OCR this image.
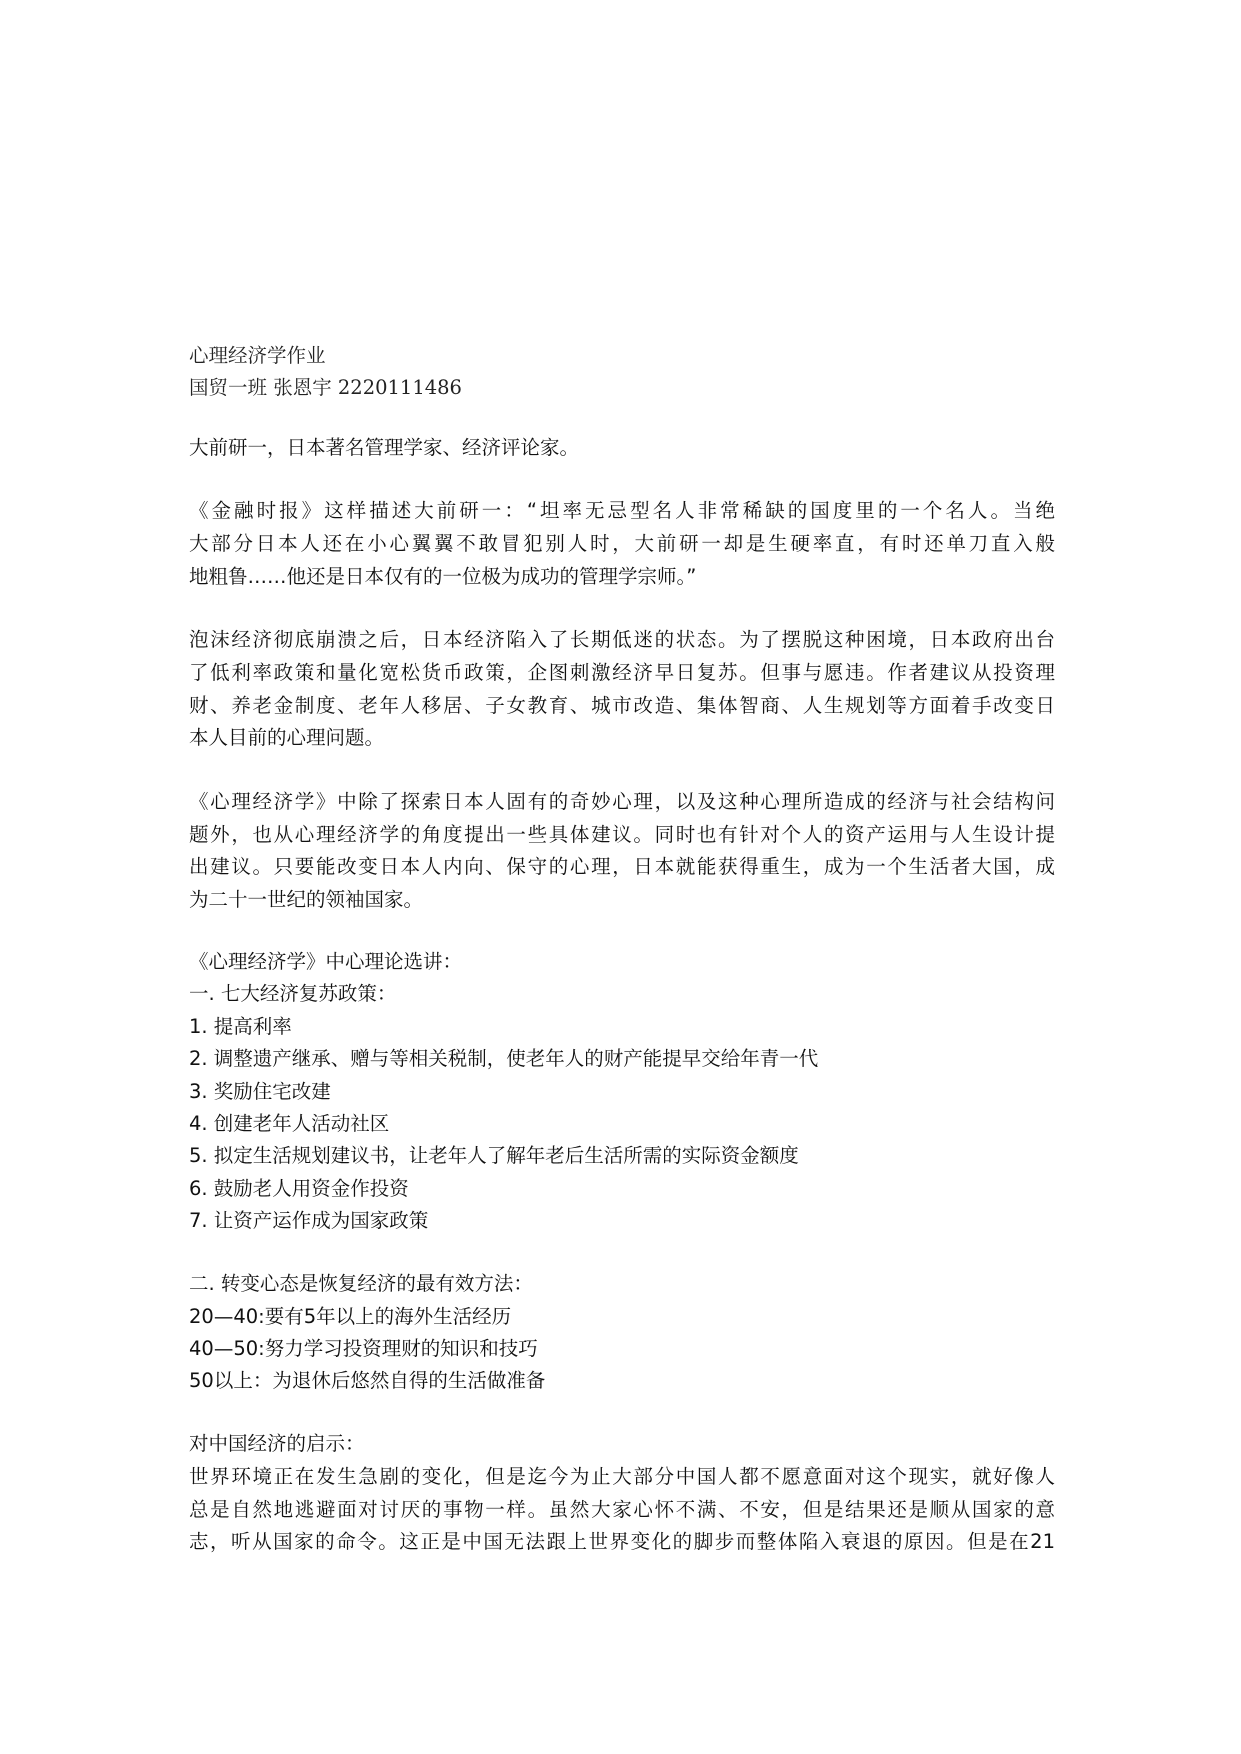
心理经济学作业
国贸一班 张恩宇 2220111486
大前研一，日本著名管理学家、经济评论家。
《金融时报》这样描述大前研一：“坦率无忌型名人非常稀缺的国度里的一个名人。当绝
大部分日本人还在小心翼翼不敢冒犯别人时，大前研一却是生硬率直，有时还单刀直入般
地粗鲁……他还是日本仅有的一位极为成功的管理学宗师。”
泡沫经济彻底崩溃之后，日本经济陷入了长期低迷的状态。为了摆脱这种困境，日本政府出台
了低利率政策和量化宽松货币政策，企图刺激经济早日复苏。但事与愿违。作者建议从投资理
财、养老金制度、老年人移居、子女教育、城市改造、集体智商、人生规划等方面着手改变日
本人目前的心理问题。
《心理经济学》中除了探索日本人固有的奇妙心理，以及这种心理所造成的经济与社会结构问
题外，也从心理经济学的角度提出一些具体建议。同时也有针对个人的资产运用与人生设计提
出建议。只要能改变日本人内向、保守的心理，日本就能获得重生，成为一个生活者大国，成
为二十一世纪的领袖国家。
《心理经济学》中心理论选讲：
一. 七大经济复苏政策：
1. 提高利率
2. 调整遗产继承、赠与等相关税制，使老年人的财产能提早交给年青一代
3. 奖励住宅改建
4. 创建老年人活动社区
5. 拟定生活规划建议书，让老年人了解年老后生活所需的实际资金额度
6. 鼓励老人用资金作投资
7. 让资产运作成为国家政策
二. 转变心态是恢复经济的最有效方法：
20—40:要有5年以上的海外生活经历
40—50:努力学习投资理财的知识和技巧
50以上：为退休后悠然自得的生活做准备
对中国经济的启示：
世界环境正在发生急剧的变化，但是迄今为止大部分中国人都不愿意面对这个现实，就好像人
总是自然地逃避面对讨厌的事物一样。虽然大家心怀不满、不安，但是结果还是顺从国家的意
志，听从国家的命令。这正是中国无法跟上世界变化的脚步而整体陷入衰退的原因。但是在21
